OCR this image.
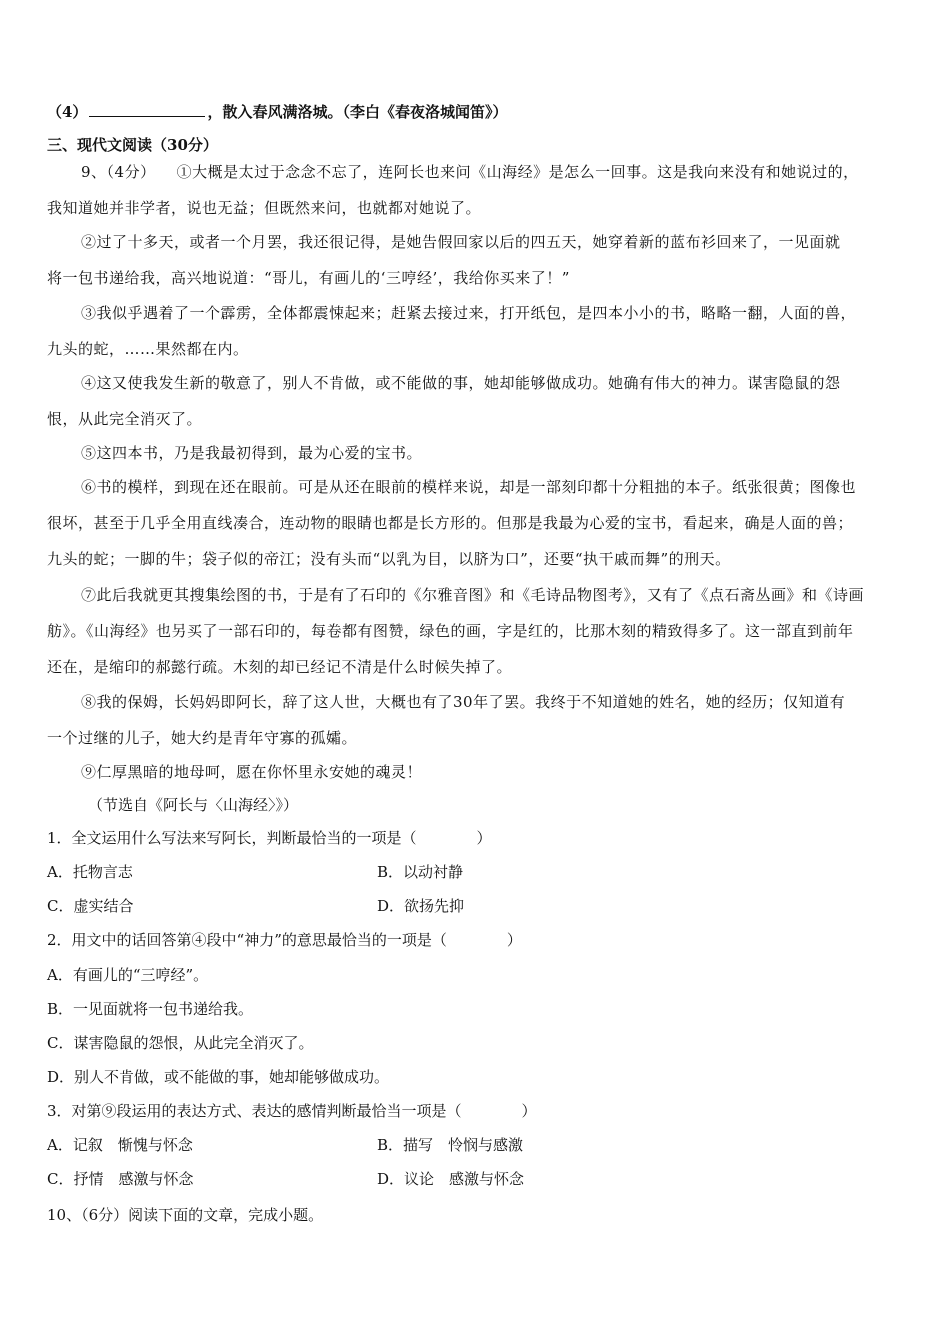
（4）	，散入春风满洛城。（李白《春夜洛城闻笛》）
三、现代文阅读（30分）
9、（4分） ①大概是太过于念念不忘了，连阿长也来问《山海经》是怎么一回事。这是我向来没有和她说过的，
我知道她并非学者，说也无益；但既然来问，也就都对她说了。
②过了十多天，或者一个月罢，我还很记得，是她告假回家以后的四五天，她穿着新的蓝布衫回来了，一见面就
将一包书递给我，高兴地说道：“哥儿，有画儿的‘三哼经’，我给你买来了！”
③我似乎遇着了一个霹雳，全体都震悚起来；赶紧去接过来，打开纸包，是四本小小的书，略略一翻，人面的兽，
九头的蛇，……果然都在内。
④这又使我发生新的敬意了，别人不肯做，或不能做的事，她却能够做成功。她确有伟大的神力。谋害隐鼠的怨
恨，从此完全消灭了。
⑤这四本书，乃是我最初得到，最为心爱的宝书。
⑥书的模样，到现在还在眼前。可是从还在眼前的模样来说，却是一部刻印都十分粗拙的本子。纸张很黄；图像也
很坏，甚至于几乎全用直线凑合，连动物的眼睛也都是长方形的。但那是我最为心爱的宝书，看起来，确是人面的兽；
九头的蛇；一脚的牛；袋子似的帝江；没有头而“以乳为目，以脐为口”，还要“执干戚而舞”的刑天。
⑦此后我就更其搜集绘图的书，于是有了石印的《尔雅音图》和《毛诗品物图考》，又有了《点石斋丛画》和《诗画
舫》。《山海经》也另买了一部石印的，每卷都有图赞，绿色的画，字是红的，比那木刻的精致得多了。这一部直到前年
还在，是缩印的郝懿行疏。木刻的却已经记不清是什么时候失掉了。
⑧我的保姆，长妈妈即阿长，辞了这人世，大概也有了30年了罢。我终于不知道她的姓名，她的经历；仅知道有
一个过继的儿子，她大约是青年守寡的孤孀。
⑨仁厚黑暗的地母呵，愿在你怀里永安她的魂灵！
（节选自《阿长与〈山海经〉》）
1．全文运用什么写法来写阿长，判断最恰当的一项是（　　　　）
A．托物言志	B．以动衬静
C．虚实结合	D．欲扬先抑
2．用文中的话回答第④段中“神力”的意思最恰当的一项是（　　　　）
A．有画儿的“三哼经”。
B．一见面就将一包书递给我。
C．谋害隐鼠的怨恨，从此完全消灭了。
D．别人不肯做，或不能做的事，她却能够做成功。
3．对第⑨段运用的表达方式、表达的感情判断最恰当一项是（　　　　）
A．记叙　惭愧与怀念	B．描写　怜悯与感激
C．抒情　感激与怀念	D．议论　感激与怀念
10、（6分）阅读下面的文章，完成小题。
